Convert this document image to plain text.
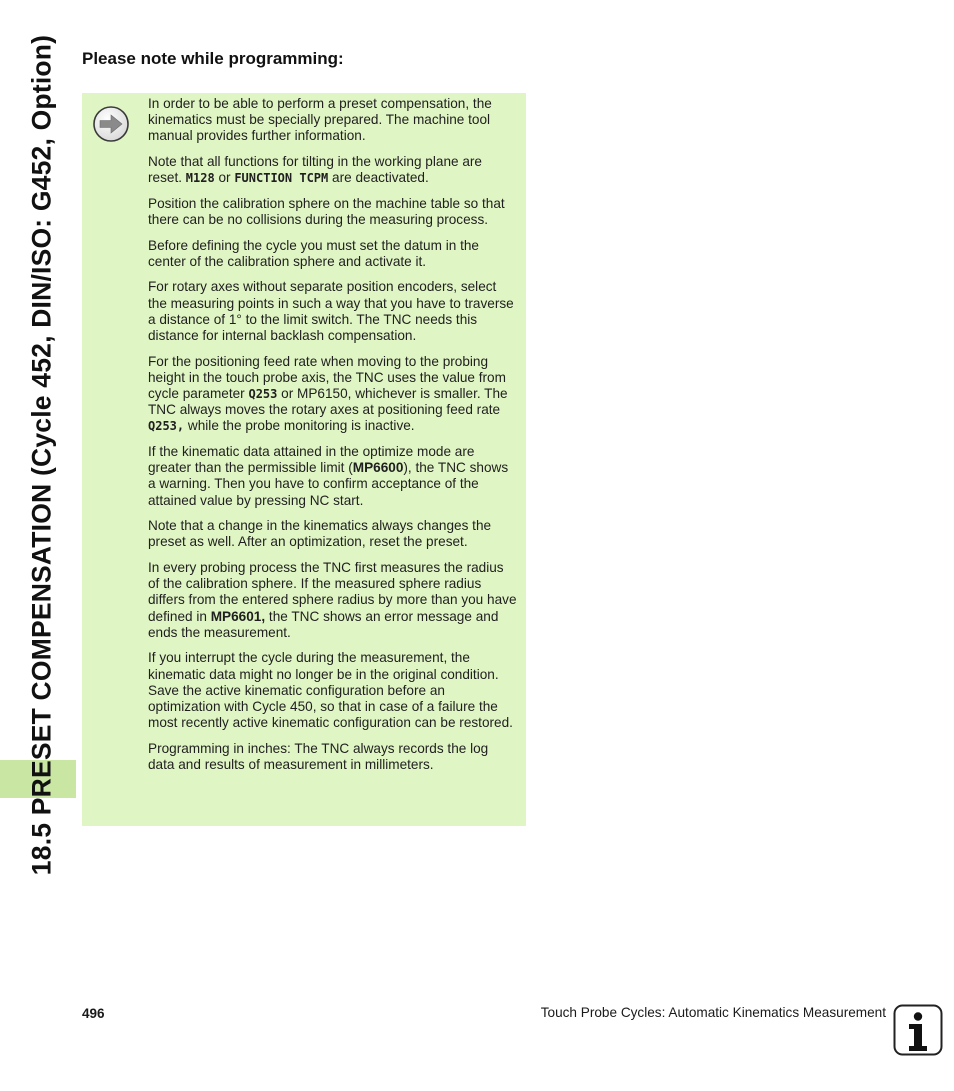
18.5 PRESET COMPENSATION (Cycle 452, DIN/ISO: G452, Option) Please note while programming:

In order to be able to perform a preset compensation, the kinematics must be specially prepared. The machine tool manual provides further information.

Note that all functions for tilting in the working plane are reset. M128 or FUNCTION TCPM are deactivated.

Position the calibration sphere on the machine table so that there can be no collisions during the measuring process.

Before defining the cycle you must set the datum in the center of the calibration sphere and activate it.

For rotary axes without separate position encoders, select the measuring points in such a way that you have to traverse a distance of 1° to the limit switch. The TNC needs this distance for internal backlash compensation.

For the positioning feed rate when moving to the probing height in the touch probe axis, the TNC uses the value from cycle parameter Q253 or MP6150, whichever is smaller. The TNC always moves the rotary axes at positioning feed rate Q253, while the probe monitoring is inactive.

If the kinematic data attained in the optimize mode are greater than the permissible limit (MP6600), the TNC shows a warning. Then you have to confirm acceptance of the attained value by pressing NC start.

Note that a change in the kinematics always changes the preset as well. After an optimization, reset the preset.

In every probing process the TNC first measures the radius of the calibration sphere. If the measured sphere radius differs from the entered sphere radius by more than you have defined in MP6601, the TNC shows an error message and ends the measurement.

If you interrupt the cycle during the measurement, the kinematic data might no longer be in the original condition. Save the active kinematic configuration before an optimization with Cycle 450, so that in case of a failure the most recently active kinematic configuration can be restored.

Programming in inches: The TNC always records the log data and results of measurement in millimeters.

496	Touch Probe Cycles: Automatic Kinematics Measurement
